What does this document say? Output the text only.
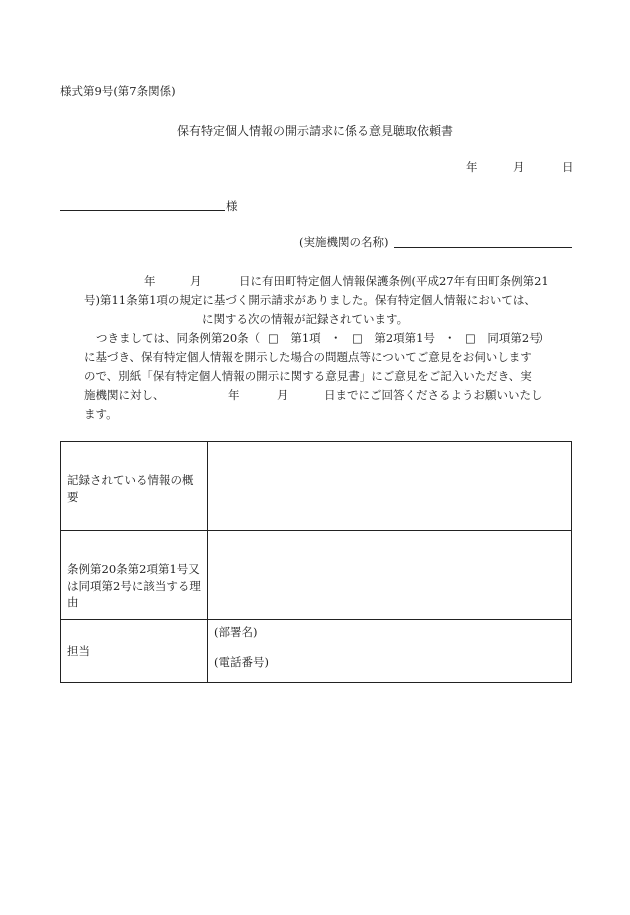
様式第9号(第7条関係)
保有特定個人情報の開示請求に係る意見聴取依頼書
年	月	日
様
(実施機関の名称)
年	月	日に有田町特定個人情報保護条例(平成27年有田町条例第21
号)第11条第1項の規定に基づく開示請求がありました。保有特定個人情報においては、
に関する次の情報が記録されています。
つきましては、同条例第20条（ □　第1項 ・ □　第2項第1号 ・ □　同項第2号
）
に基づき、保有特定個人情報を開示した場合の問題点等についてご意見をお伺いします
ので、別紙「保有特定個人情報の開示に関する意見書」にご意見をご記入いただき、実
施機関に対し、	年	月	日までにご回答くださるようお願いいたし
ます。
記録されている情報の概要	
条例第20条第2項第1号又は同項第2号に該当する理由	
担当	(部署名)
(電話番号)
